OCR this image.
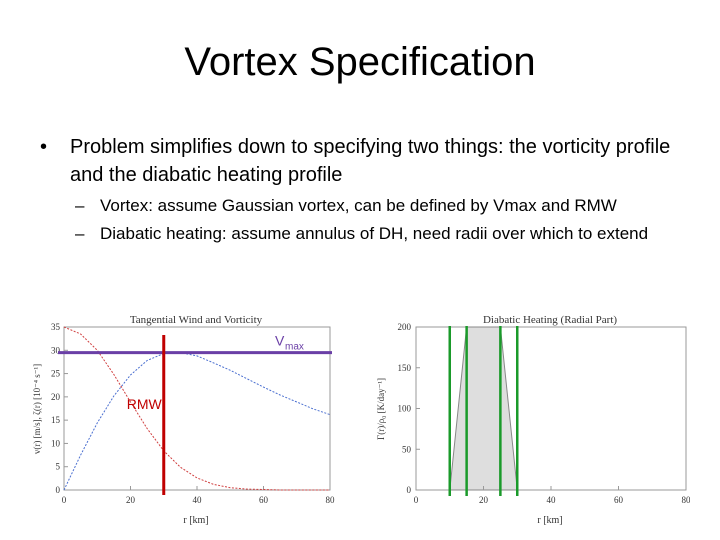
Vortex Specification
• Problem simplifies down to specifying two things: the vorticity profile and the diabatic heating profile
– Vortex: assume Gaussian vortex, can be defined by Vmax and RMW
– Diabatic heating: assume annulus of DH, need radii over which to extend
Tangential Wind and Vorticity
0	20	40	60	80
0
5
10
15
20
25
30
35
V max
RMW
r [km]
v(r) [m/s], ζ(r) [10⁻⁴ s⁻¹]
Diabatic Heating (Radial Part)
0	20	40	60	80
0
50
100
150
200
r [km]
Γ(r)/ρ₀ [K/day⁻¹]
